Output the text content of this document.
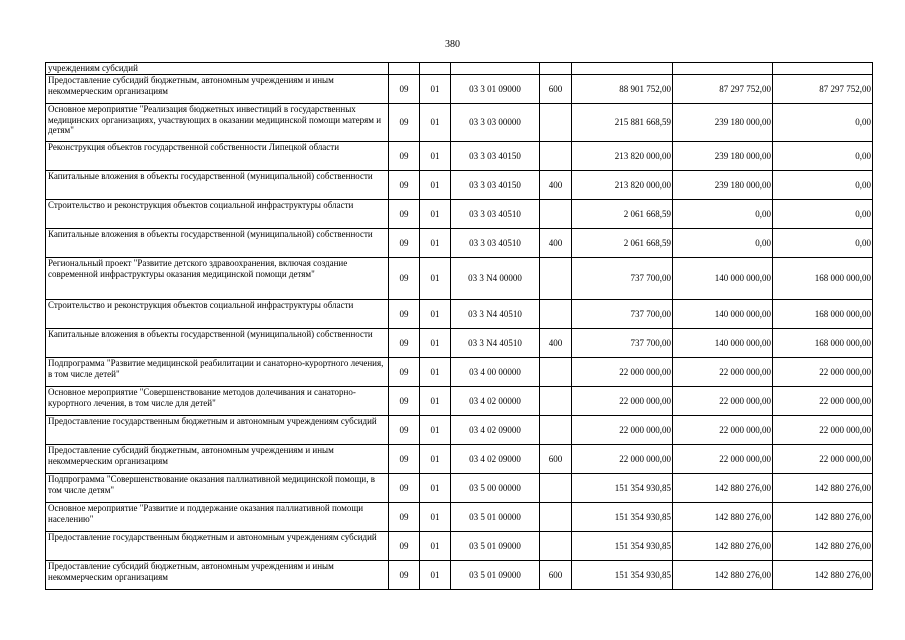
380
учреждениям субсидий							
Предоставление субсидий бюджетным, автономным учреждениям и иным некоммерческим организациям	09	01	03 3 01 09000	600	88 901 752,00	87 297 752,00	87 297 752,00
Основное мероприятие "Реализация бюджетных инвестиций в государственных медицинских организациях, участвующих в оказании медицинской помощи матерям и детям"	09	01	03 3 03 00000		215 881 668,59	239 180 000,00	0,00
Реконструкция объектов государственной собственности Липецкой области	09	01	03 3 03 40150		213 820 000,00	239 180 000,00	0,00
Капитальные вложения в объекты государственной (муниципальной) собственности	09	01	03 3 03 40150	400	213 820 000,00	239 180 000,00	0,00
Строительство и реконструкция объектов социальной инфраструктуры области	09	01	03 3 03 40510		2 061 668,59	0,00	0,00
Капитальные вложения в объекты государственной (муниципальной) собственности	09	01	03 3 03 40510	400	2 061 668,59	0,00	0,00
Региональный проект "Развитие детского здравоохранения, включая создание современной инфраструктуры оказания медицинской помощи детям"	09	01	03 3 N4 00000		737 700,00	140 000 000,00	168 000 000,00
Строительство и реконструкция объектов социальной инфраструктуры области	09	01	03 3 N4 40510		737 700,00	140 000 000,00	168 000 000,00
Капитальные вложения в объекты государственной (муниципальной) собственности	09	01	03 3 N4 40510	400	737 700,00	140 000 000,00	168 000 000,00
Подпрограмма "Развитие медицинской реабилитации и санаторно-курортного лечения, в том числе детей"	09	01	03 4 00 00000		22 000 000,00	22 000 000,00	22 000 000,00
Основное мероприятие "Совершенствование методов долечивания и санаторно-курортного лечения, в том числе для детей"	09	01	03 4 02 00000		22 000 000,00	22 000 000,00	22 000 000,00
Предоставление государственным бюджетным и автономным учреждениям субсидий	09	01	03 4 02 09000		22 000 000,00	22 000 000,00	22 000 000,00
Предоставление субсидий бюджетным, автономным учреждениям и иным некоммерческим организациям	09	01	03 4 02 09000	600	22 000 000,00	22 000 000,00	22 000 000,00
Подпрограмма "Совершенствование оказания паллиативной медицинской помощи, в том числе детям"	09	01	03 5 00 00000		151 354 930,85	142 880 276,00	142 880 276,00
Основное мероприятие "Развитие и поддержание оказания паллиативной помощи населению"	09	01	03 5 01 00000		151 354 930,85	142 880 276,00	142 880 276,00
Предоставление государственным бюджетным и автономным учреждениям субсидий	09	01	03 5 01 09000		151 354 930,85	142 880 276,00	142 880 276,00
Предоставление субсидий бюджетным, автономным учреждениям и иным некоммерческим организациям	09	01	03 5 01 09000	600	151 354 930,85	142 880 276,00	142 880 276,00
